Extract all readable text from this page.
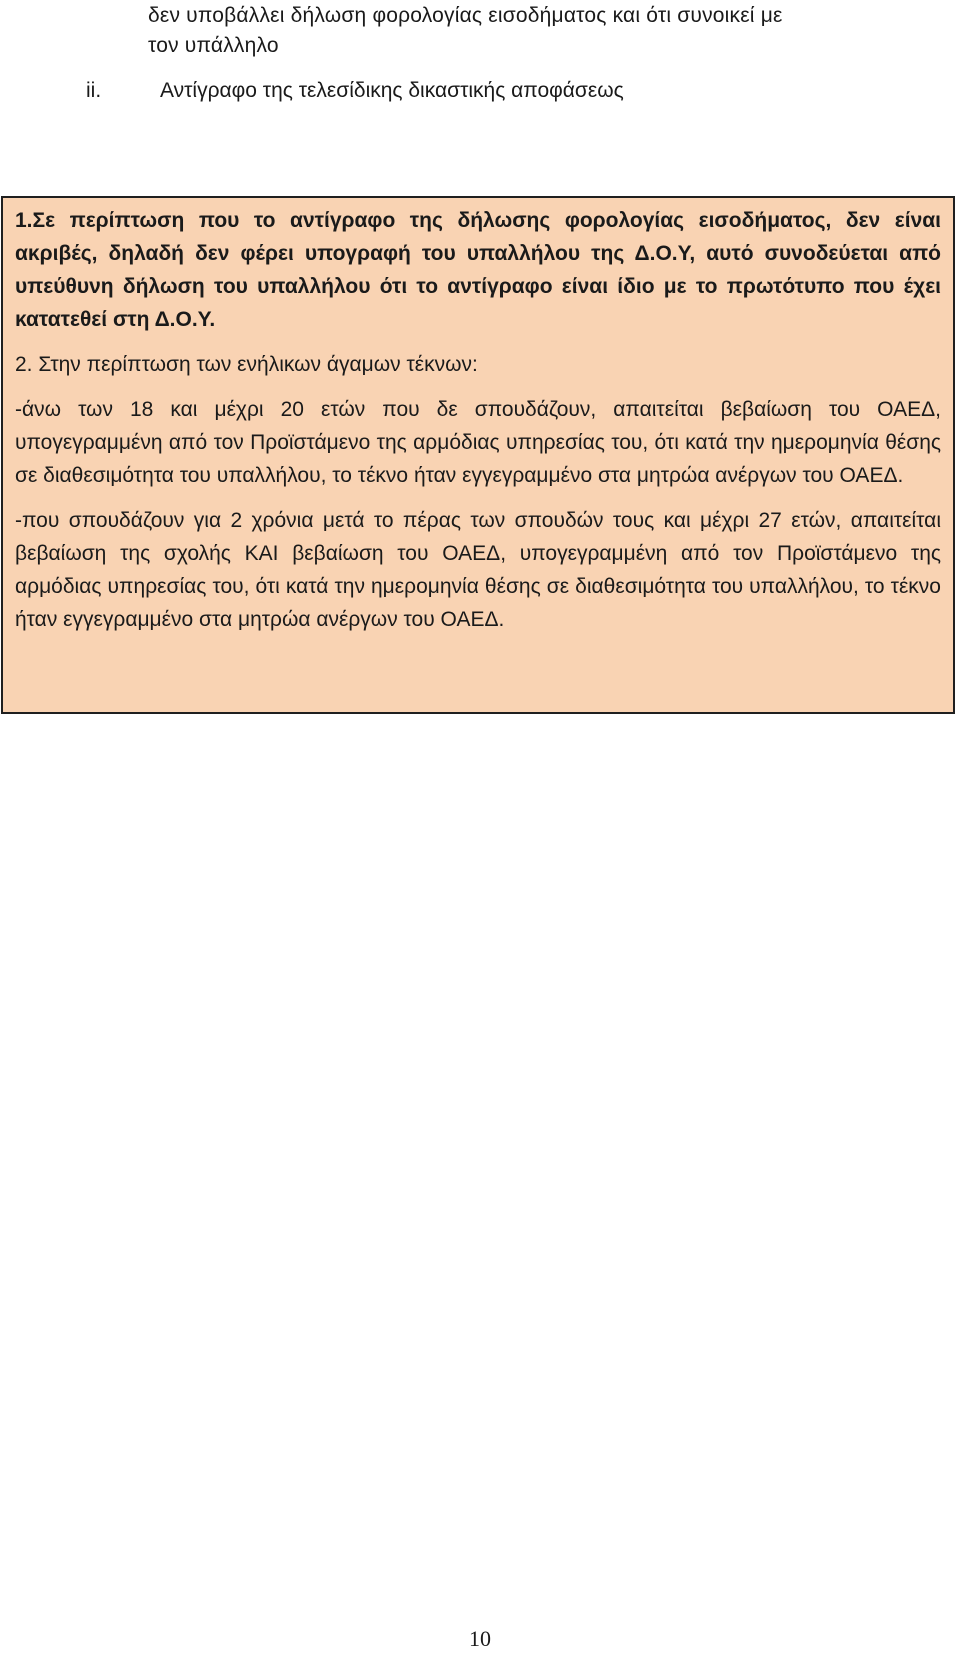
δεν υποβάλλει δήλωση φορολογίας εισοδήματος και ότι συνοικεί με

τον υπάλληλο

ii.	Αντίγραφο της τελεσίδικης δικαστικής αποφάσεως

1.Σε περίπτωση που το αντίγραφο της δήλωσης φορολογίας εισοδήματος, δεν είναι ακριβές, δηλαδή δεν φέρει υπογραφή του υπαλλήλου της Δ.Ο.Υ, αυτό συνοδεύεται από υπεύθυνη δήλωση του υπαλλήλου ότι το αντίγραφο είναι ίδιο με το πρωτότυπο που έχει κατατεθεί στη Δ.Ο.Υ.

2. Στην περίπτωση των ενήλικων άγαμων τέκνων:

-άνω των 18 και μέχρι 20 ετών που δε σπουδάζουν, απαιτείται βεβαίωση του ΟΑΕΔ, υπογεγραμμένη από τον Προϊστάμενο της αρμόδιας υπηρεσίας του, ότι κατά την ημερομηνία θέσης σε διαθεσιμότητα του υπαλλήλου, το τέκνο ήταν εγγεγραμμένο στα μητρώα ανέργων του ΟΑΕΔ.

-που σπουδάζουν για 2 χρόνια μετά το πέρας των σπουδών τους και μέχρι 27 ετών, απαιτείται βεβαίωση της σχολής ΚΑΙ βεβαίωση του ΟΑΕΔ, υπογεγραμμένη από τον Προϊστάμενο της αρμόδιας υπηρεσίας του, ότι κατά την ημερομηνία θέσης σε διαθεσιμότητα του υπαλλήλου, το τέκνο ήταν εγγεγραμμένο στα μητρώα ανέργων του ΟΑΕΔ.

10
